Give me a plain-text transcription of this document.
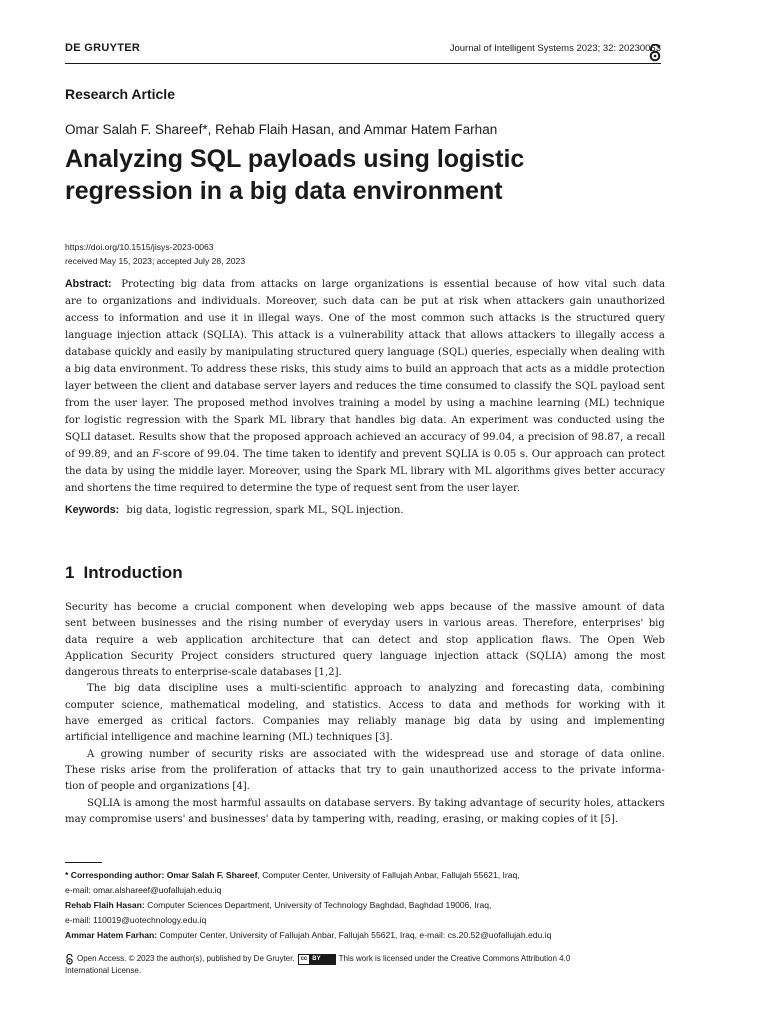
DE GRUYTER	Journal of Intelligent Systems 2023; 32: 20230063
Research Article
Omar Salah F. Shareef*, Rehab Flaih Hasan, and Ammar Hatem Farhan
Analyzing SQL payloads using logistic
regression in a big data environment
https://doi.org/10.1515/jisys-2023-0063
received May 15, 2023; accepted July 28, 2023
Abstract: Protecting big data from attacks on large organizations is essential because of how vital such data
are to organizations and individuals. Moreover, such data can be put at risk when attackers gain unauthorized
access to information and use it in illegal ways. One of the most common such attacks is the structured query
language injection attack (SQLIA). This attack is a vulnerability attack that allows attackers to illegally access a
database quickly and easily by manipulating structured query language (SQL) queries, especially when dealing with
a big data environment. To address these risks, this study aims to build an approach that acts as a middle protection
layer between the client and database server layers and reduces the time consumed to classify the SQL payload sent
from the user layer. The proposed method involves training a model by using a machine learning (ML) technique
for logistic regression with the Spark ML library that handles big data. An experiment was conducted using the
SQLI dataset. Results show that the proposed approach achieved an accuracy of 99.04, a precision of 98.87, a recall
of 99.89, and an F-score of 99.04. The time taken to identify and prevent SQLIA is 0.05 s. Our approach can protect
the data by using the middle layer. Moreover, using the Spark ML library with ML algorithms gives better accuracy
and shortens the time required to determine the type of request sent from the user layer.
Keywords: big data, logistic regression, spark ML, SQL injection.
1 Introduction
Security has become a crucial component when developing web apps because of the massive amount of data
sent between businesses and the rising number of everyday users in various areas. Therefore, enterprises' big
data require a web application architecture that can detect and stop application flaws. The Open Web
Application Security Project considers structured query language injection attack (SQLIA) among the most
dangerous threats to enterprise-scale databases [1,2].
The big data discipline uses a multi-scientific approach to analyzing and forecasting data, combining
computer science, mathematical modeling, and statistics. Access to data and methods for working with it
have emerged as critical factors. Companies may reliably manage big data by using and implementing
artificial intelligence and machine learning (ML) techniques [3].
A growing number of security risks are associated with the widespread use and storage of data online.
These risks arise from the proliferation of attacks that try to gain unauthorized access to the private informa-
tion of people and organizations [4].
SQLIA is among the most harmful assaults on database servers. By taking advantage of security holes, attackers
may compromise users' and businesses' data by tampering with, reading, erasing, or making copies of it [5].
* Corresponding author: Omar Salah F. Shareef, Computer Center, University of Fallujah Anbar, Fallujah 55621, Iraq,
e-mail: omar.alshareef@uofallujah.edu.iq
Rehab Flaih Hasan: Computer Sciences Department, University of Technology Baghdad, Baghdad 19006, Iraq,
e-mail: 110019@uotechnology.edu.iq
Ammar Hatem Farhan: Computer Center, University of Fallujah Anbar, Fallujah 55621, Iraq, e-mail: cs.20.52@uofallujah.edu.iq
Open Access. © 2023 the author(s), published by De Gruyter.	cc BY	This work is licensed under the Creative Commons Attribution 4.0
International License.
